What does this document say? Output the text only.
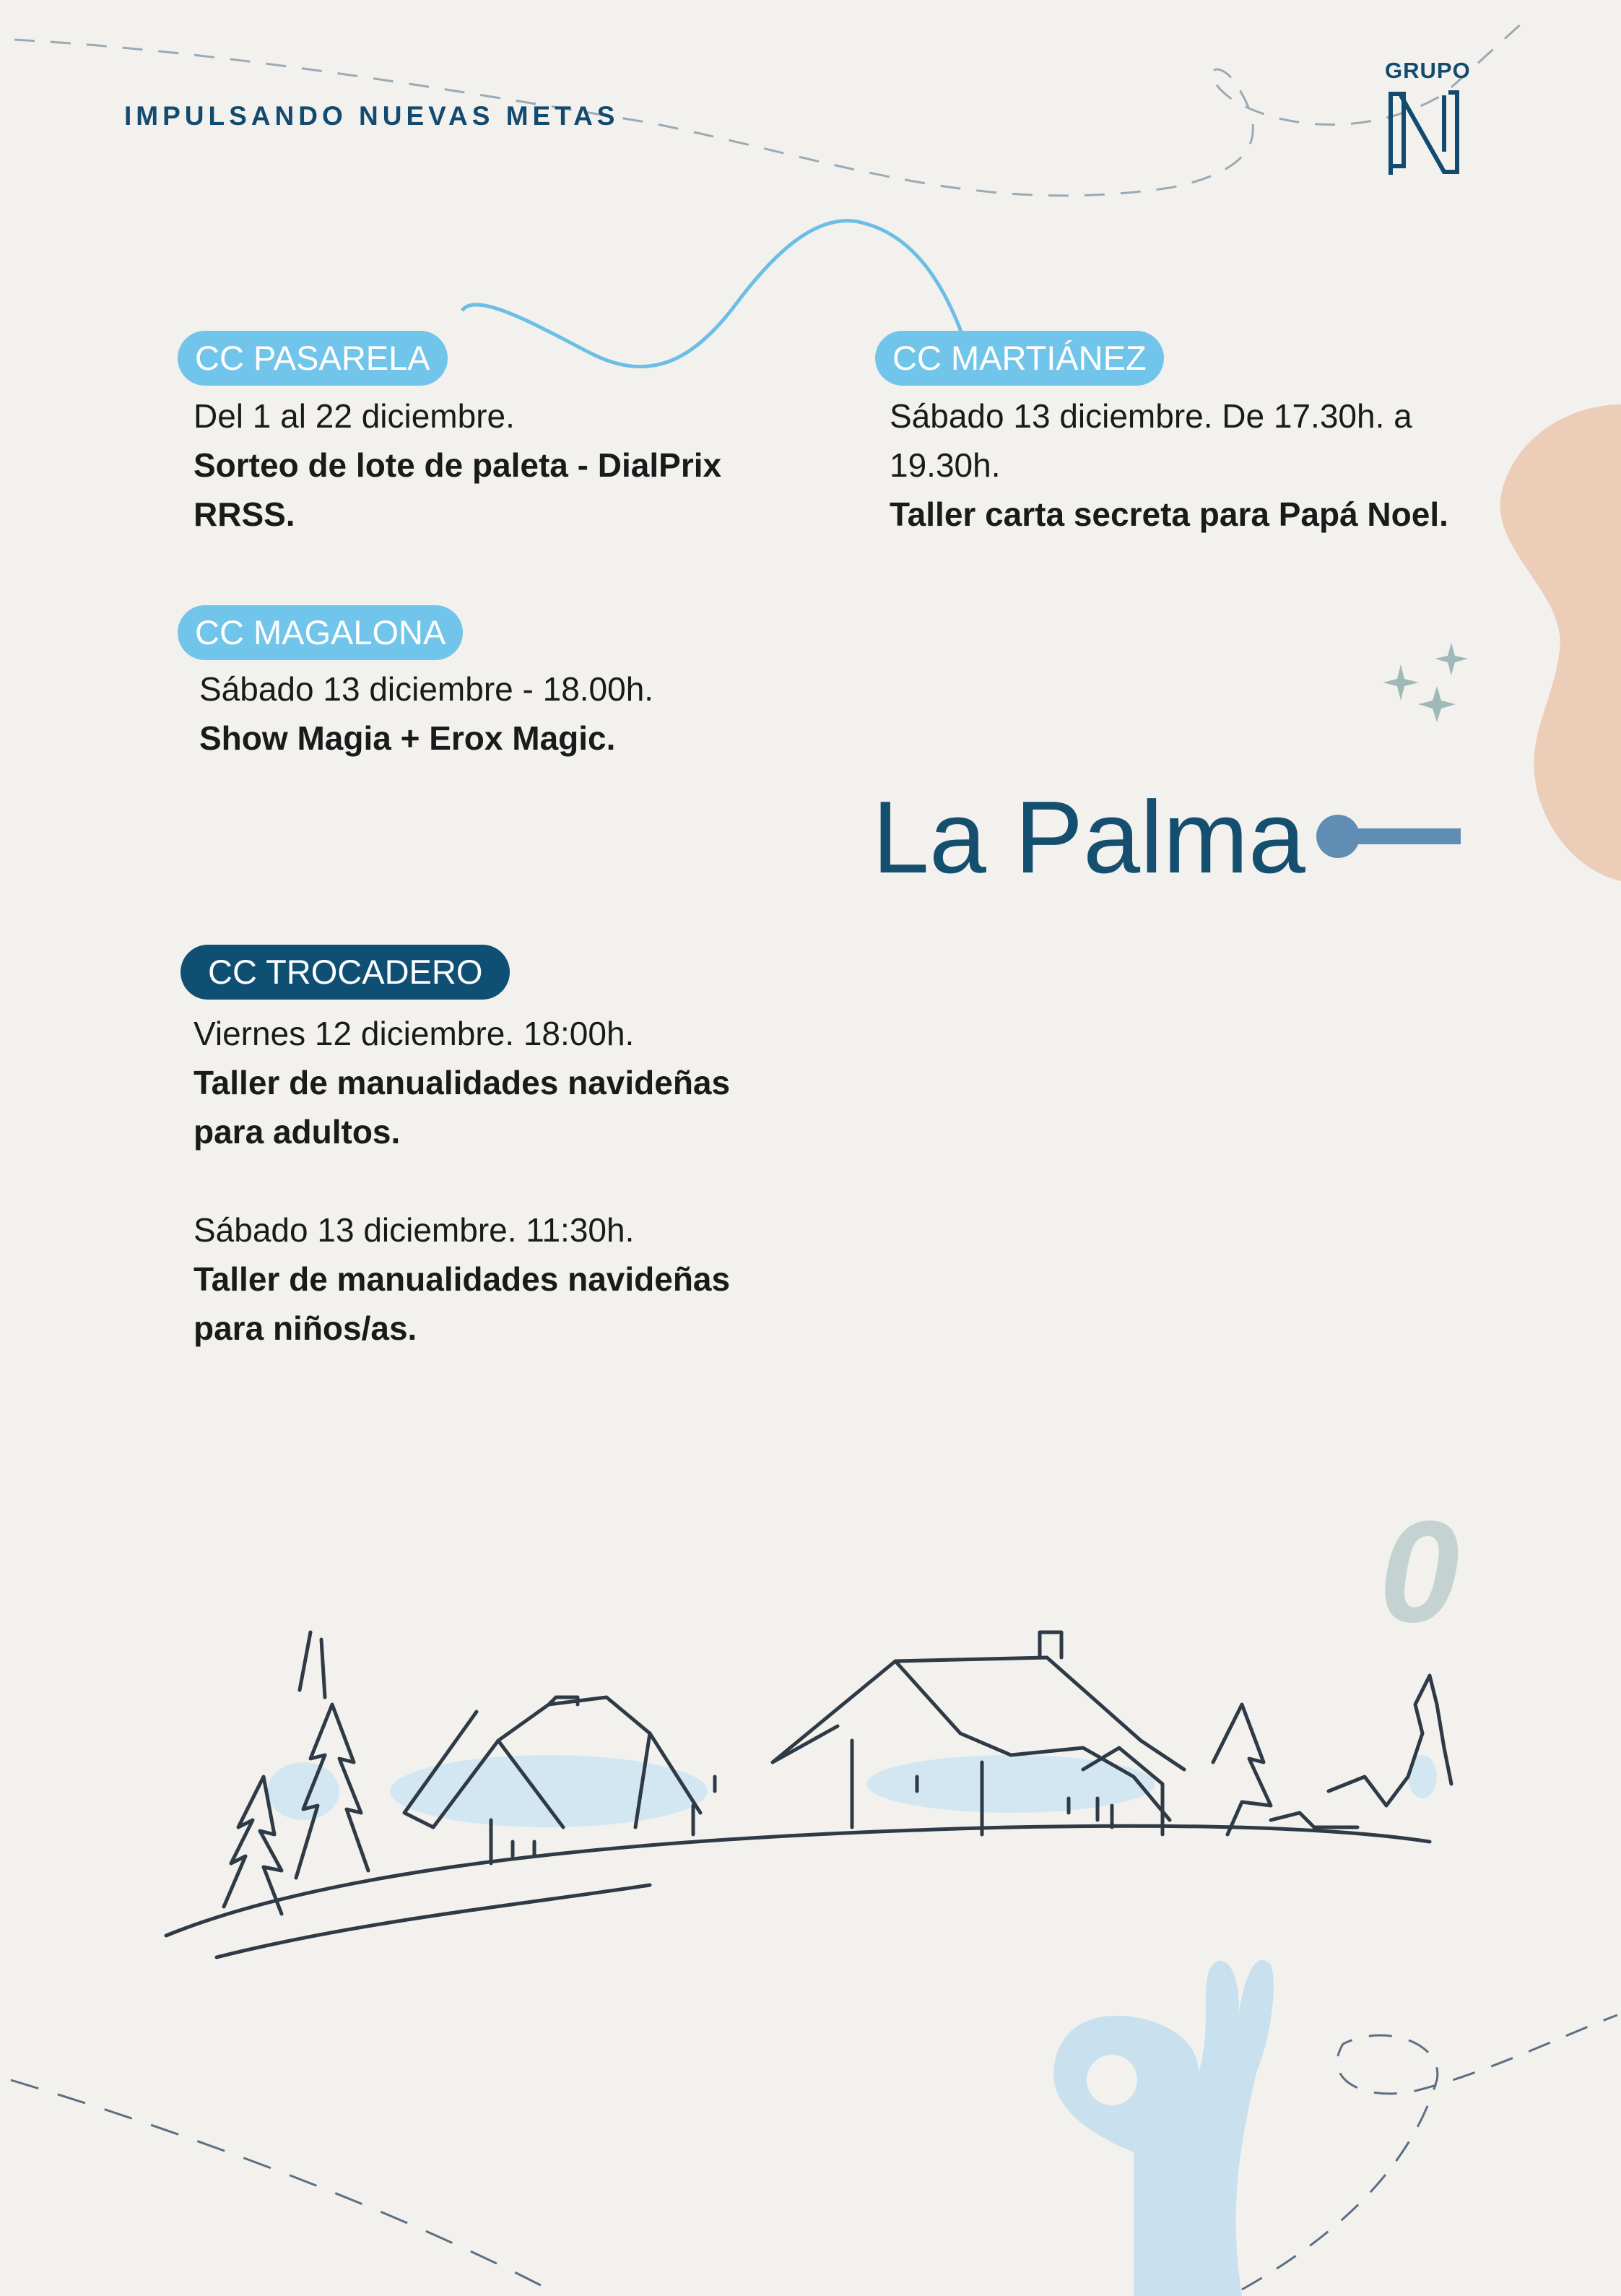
0
IMPULSANDO NUEVAS METAS
GRUPO
CC PASARELA
Del 1 al 22 diciembre.
Sorteo de lote de paleta - DialPrix
RRSS.
CC MARTIÁNEZ
Sábado 13 diciembre. De 17.30h. a
19.30h.
Taller carta secreta para Papá Noel.
CC MAGALONA
Sábado 13 diciembre - 18.00h.
Show Magia + Erox Magic.
La Palma
CC TROCADERO
Viernes 12 diciembre. 18:00h.
Taller de manualidades navideñas
para adultos.
Sábado 13 diciembre. 11:30h.
Taller de manualidades navideñas
para niños/as.
